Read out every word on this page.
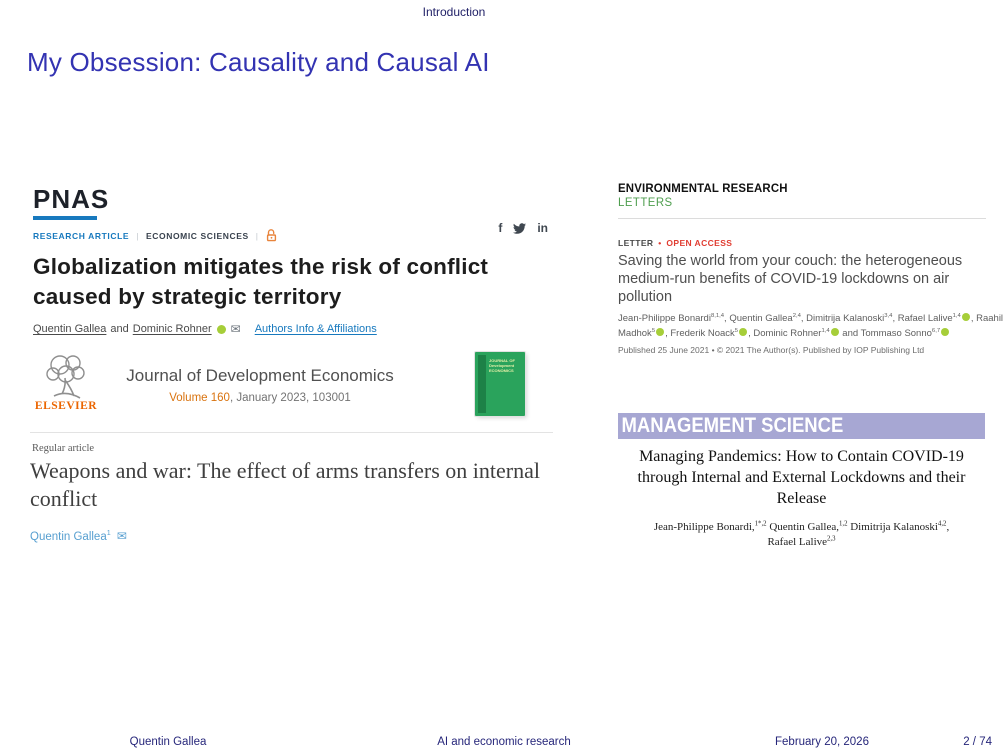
Introduction
My Obsession: Causality and Causal AI
PNAS
RESEARCH ARTICLE | ECONOMIC SCIENCES |
f	in
Globalization mitigates the risk of conflict caused by strategic territory
Quentin Gallea and Dominic Rohner ✉ Authors Info & Affiliations
ELSEVIER
Journal of Development Economics
Volume 160, January 2023, 103001
JOURNAL OF Development ECONOMICS
Regular article
Weapons and war: The effect of arms transfers on internal conflict
Quentin Gallea$^1$ ✉
ENVIRONMENTAL RESEARCH
LETTERS
LETTER • OPEN ACCESS
Saving the world from your couch: the heterogeneous medium-run benefits of COVID-19 lockdowns on air pollution
Jean-Philippe Bonardi$^{8,1,4}$, Quentin Gallea$^{2,4}$, Dimitrija Kalanoski$^{3,4}$, Rafael Lalive$^{1,4}$ , Raahil Madhok$^5$ , Frederik Noack$^5$ , Dominic Rohner$^{1,4}$ and Tommaso Sonno$^{6,7}$
Published 25 June 2021 • © 2021 The Author(s). Published by IOP Publishing Ltd
MANAGEMENT SCIENCE
Managing Pandemics: How to Contain COVID-19
through Internal and External Lockdowns and their
Release
Jean-Philippe Bonardi,$^{1*,2}$ Quentin Gallea,$^{1,2}$ Dimitrija Kalanoski$^{4,2}$,
Rafael Lalive$^{2,3}$
Quentin Gallea	AI and economic research	February 20, 2026	2 / 74
